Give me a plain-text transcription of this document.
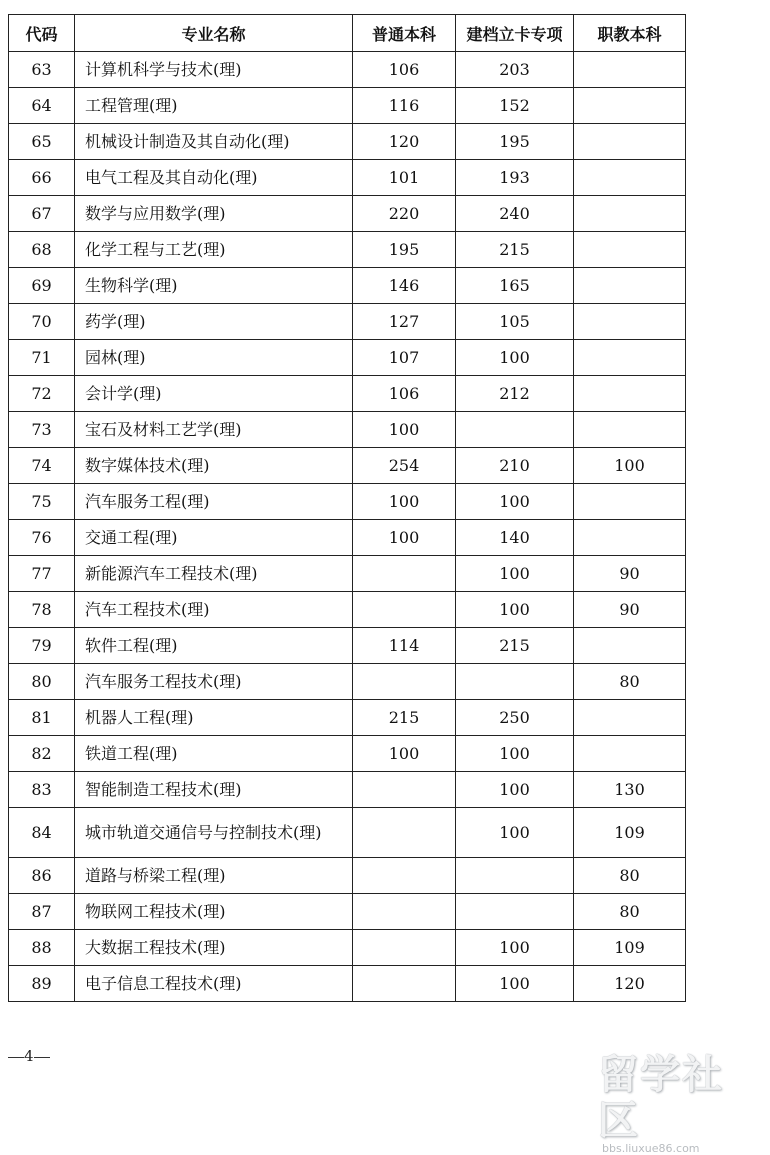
代码	专业名称	普通本科	建档立卡专项	职教本科
63	计算机科学与技术(理)	106	203	
64	工程管理(理)	116	152	
65	机械设计制造及其自动化(理)	120	195	
66	电气工程及其自动化(理)	101	193	
67	数学与应用数学(理)	220	240	
68	化学工程与工艺(理)	195	215	
69	生物科学(理)	146	165	
70	药学(理)	127	105	
71	园林(理)	107	100	
72	会计学(理)	106	212	
73	宝石及材料工艺学(理)	100		
74	数字媒体技术(理)	254	210	100
75	汽车服务工程(理)	100	100	
76	交通工程(理)	100	140	
77	新能源汽车工程技术(理)		100	90
78	汽车工程技术(理)		100	90
79	软件工程(理)	114	215	
80	汽车服务工程技术(理)			80
81	机器人工程(理)	215	250	
82	铁道工程(理)	100	100	
83	智能制造工程技术(理)		100	130
84	城市轨道交通信号与控制技术(理)		100	109
86	道路与桥梁工程(理)			80
87	物联网工程技术(理)			80
88	大数据工程技术(理)		100	109
89	电子信息工程技术(理)		100	120
4	留学社区
bbs.liuxue86.com
